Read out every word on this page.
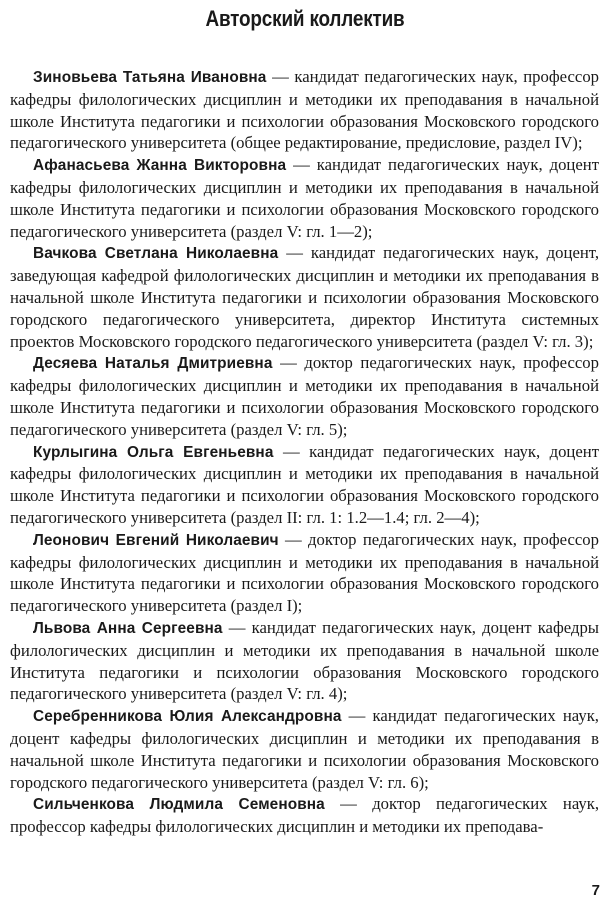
Авторский коллектив

Зиновьева Татьяна Ивановна — кандидат педагогических наук, профессор кафедры филологических дисциплин и методики их преподавания в начальной школе Института педагогики и психологии образования Московского городского педагогического университета (общее редактирование, предисловие, раздел IV);

Афанасьева Жанна Викторовна — кандидат педагогических наук, доцент кафедры филологических дисциплин и методики их преподавания в начальной школе Института педагогики и психологии образования Московского городского педагогического университета (раздел V: гл. 1—2);

Вачкова Светлана Николаевна — кандидат педагогических наук, доцент, заведующая кафедрой филологических дисциплин и методики их преподавания в начальной школе Института педагогики и психологии образования Московского городского педагогического университета, директор Института системных проектов Московского городского педагогического университета (раздел V: гл. 3);

Десяева Наталья Дмитриевна — доктор педагогических наук, профессор кафедры филологических дисциплин и методики их преподавания в начальной школе Института педагогики и психологии образования Московского городского педагогического университета (раздел V: гл. 5);

Курлыгина Ольга Евгеньевна — кандидат педагогических наук, доцент кафедры филологических дисциплин и методики их преподавания в начальной школе Института педагогики и психологии образования Московского городского педагогического университета (раздел II: гл. 1: 1.2—1.4; гл. 2—4);

Леонович Евгений Николаевич — доктор педагогических наук, профессор кафедры филологических дисциплин и методики их преподавания в начальной школе Института педагогики и психологии образования Московского городского педагогического университета (раздел I);

Львова Анна Сергеевна — кандидат педагогических наук, доцент кафедры филологических дисциплин и методики их преподавания в начальной школе Института педагогики и психологии образования Московского городского педагогического университета (раздел V: гл. 4);

Серебренникова Юлия Александровна — кандидат педагогических наук, доцент кафедры филологических дисциплин и методики их преподавания в начальной школе Института педагогики и психологии образования Московского городского педагогического университета (раздел V: гл. 6);

Сильченкова Людмила Семеновна — доктор педагогических наук, профессор кафедры филологических дисциплин и методики их преподава-

7
